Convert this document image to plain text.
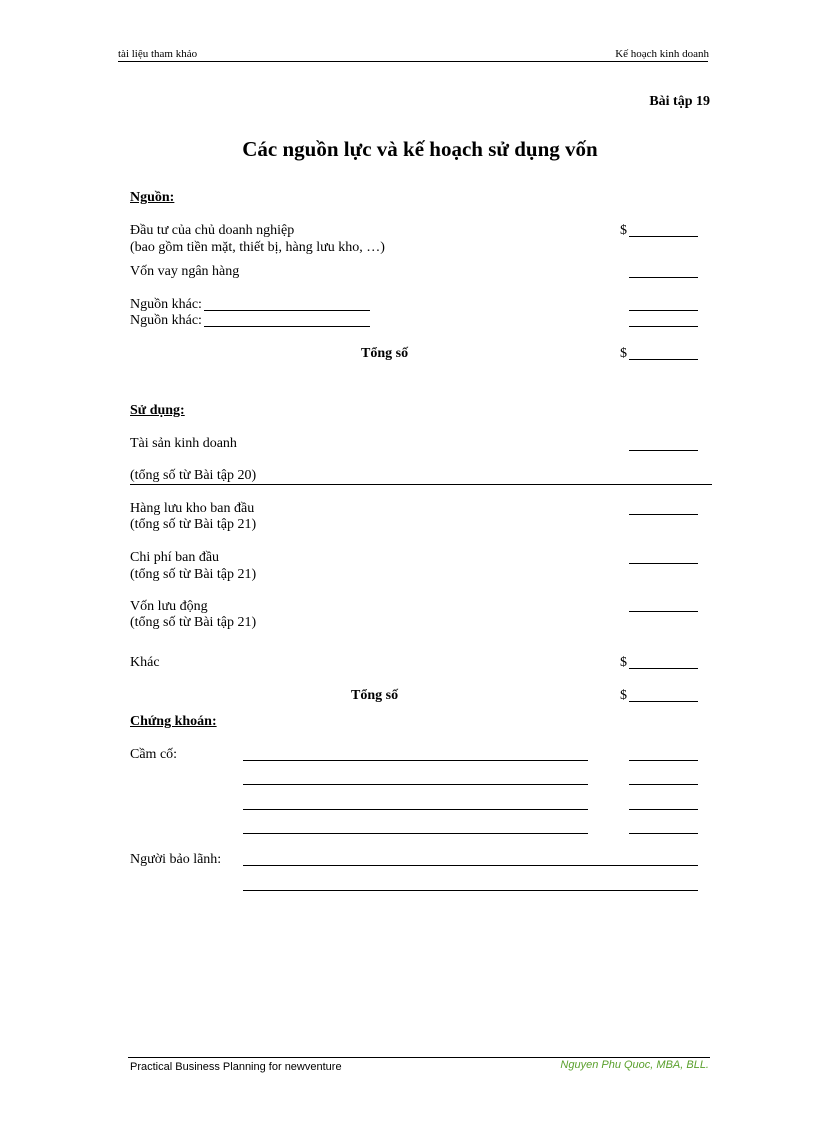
tài liệu tham khảo	Kế hoạch kinh doanh
Bài tập 19
Các nguồn lực và kế hoạch sử dụng vốn
Nguồn:
Đầu tư của chủ doanh nghiệp
(bao gồm tiền mặt, thiết bị, hàng lưu kho, …)
$
Vốn vay ngân hàng
Nguồn khác:
Nguồn khác:
Tổng số	$
Sử dụng:
Tài sản kinh doanh
(tổng số từ Bài tập 20)
Hàng lưu kho ban đầu
(tổng số từ Bài tập 21)
Chi phí ban đầu
(tổng số từ Bài tập 21)
Vốn lưu động
(tổng số từ Bài tập 21)
Khác	$
Tổng số	$
Chứng khoán:
Cầm cố:
Người bảo lãnh:
Practical Business Planning for newventure	Nguyen Phu Quoc, MBA, BLL.
